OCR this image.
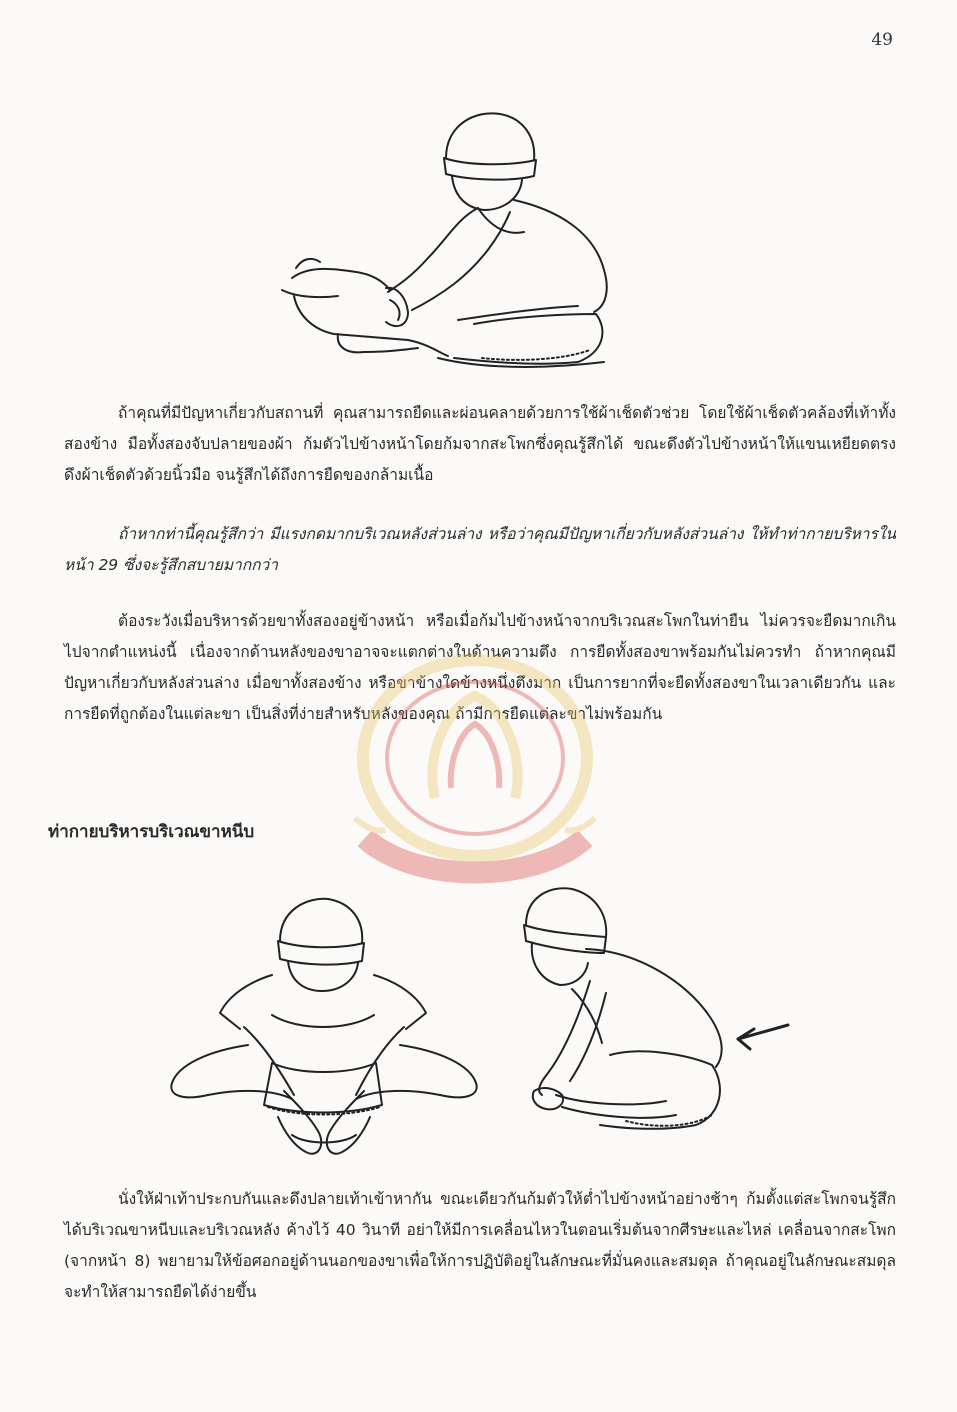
49

ถ้าคุณที่มีปัญหาเกี่ยวกับสถานที่ คุณสามารถยืดและผ่อนคลายด้วยการใช้ผ้าเช็ดตัวช่วย โดยใช้ผ้าเช็ดตัวคล้องที่เท้าทั้งสองข้าง มือทั้งสองจับปลายของผ้า ก้มตัวไปข้างหน้าโดยก้มจากสะโพกซึ่งคุณรู้สึกได้ ขณะดึงตัวไปข้างหน้าให้แขนเหยียดตรง ดึงผ้าเช็ดตัวด้วยนิ้วมือ จนรู้สึกได้ถึงการยืดของกล้ามเนื้อ

ถ้าหากท่านี้คุณรู้สึกว่า มีแรงกดมากบริเวณหลังส่วนล่าง หรือว่าคุณมีปัญหาเกี่ยวกับหลังส่วนล่าง ให้ทำท่ากายบริหารในหน้า 29 ซึ่งจะรู้สึกสบายมากกว่า

ต้องระวังเมื่อบริหารด้วยขาทั้งสองอยู่ข้างหน้า หรือเมื่อก้มไปข้างหน้าจากบริเวณสะโพกในท่ายืน ไม่ควรจะยืดมากเกินไปจากตำแหน่งนี้ เนื่องจากด้านหลังของขาอาจจะแตกต่างในด้านความตึง การยืดทั้งสองขาพร้อมกันไม่ควรทำ ถ้าหากคุณมีปัญหาเกี่ยวกับหลังส่วนล่าง เมื่อขาทั้งสองข้าง หรือขาข้างใดข้างหนึ่งตึงมาก เป็นการยากที่จะยืดทั้งสองขาในเวลาเดียวกัน และการยืดที่ถูกต้องในแต่ละขา เป็นสิ่งที่ง่ายสำหรับหลังของคุณ ถ้ามีการยืดแต่ละขาไม่พร้อมกัน

ท่ากายบริหารบริเวณขาหนีบ

นั่งให้ฝ่าเท้าประกบกันและดึงปลายเท้าเข้าหากัน ขณะเดียวกันก้มตัวให้ต่ำไปข้างหน้าอย่างช้าๆ ก้มตั้งแต่สะโพกจนรู้สึกได้บริเวณขาหนีบและบริเวณหลัง ค้างไว้ 40 วินาที อย่าให้มีการเคลื่อนไหวในตอนเริ่มต้นจากศีรษะและไหล่ เคลื่อนจากสะโพก (จากหน้า 8) พยายามให้ข้อศอกอยู่ด้านนอกของขาเพื่อให้การปฏิบัติอยู่ในลักษณะที่มั่นคงและสมดุล ถ้าคุณอยู่ในลักษณะสมดุลจะทำให้สามารถยืดได้ง่ายขึ้น
